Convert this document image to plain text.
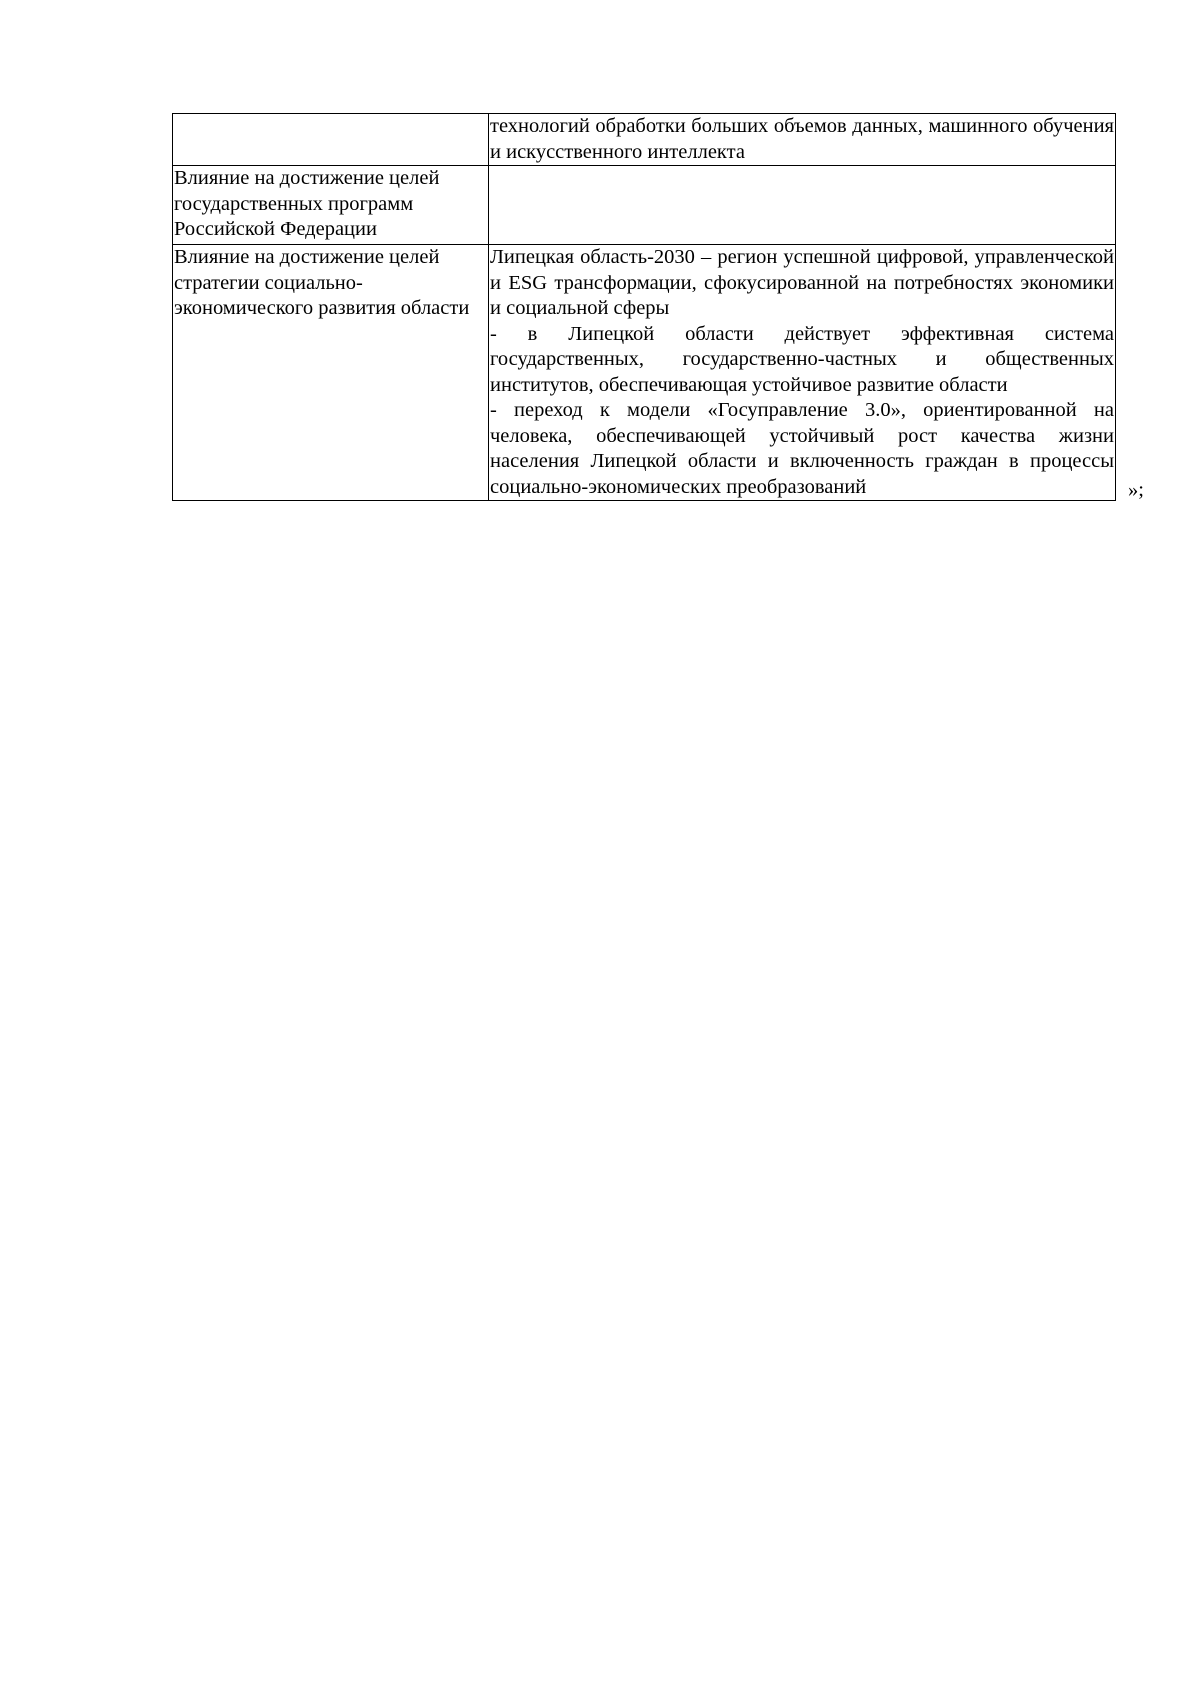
	технологий обработки больших объемов данных, машинного обучения и искусственного интеллекта

Влияние на достижение целей государственных программ Российской Федерации	
Влияние на достижение целей стратегии социально-экономического развития области	Липецкая область-2030 – регион успешной цифровой, управленческой и ESG трансформации, сфокусированной на потребностях экономики и социальной сферы

- в Липецкой области действует эффективная система государственных, государственно-частных и общественных институтов, обеспечивающая устойчивое развитие области

- переход к модели «Госуправление 3.0», ориентированной на человека, обеспечивающей устойчивый рост качества жизни населения Липецкой области и включенность граждан в процессы социально-экономических преобразований	»;
